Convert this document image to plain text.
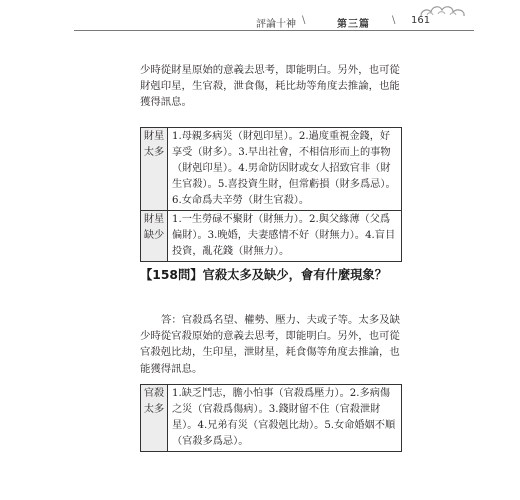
評論十神 \	第三篇 \ 161

少時從財星原始的意義去思考，即能明白。另外，也可從財剋印星，生官殺，泄食傷，耗比劫等角度去推論，也能獲得訊息。

財星太多	1.母親多病災（財剋印星）。2.過度重視金錢，好享受（財多）。3.早出社會，不相信形而上的事物（財剋印星）。4.男命防因財或女人招致官非（財生官殺）。5.喜投資生財，但常虧損（財多爲忌）。6.女命爲夫辛勞（財生官殺）。
財星缺少	1.一生勞碌不聚財（財無力）。2.與父緣薄（父爲偏財）。3.晚婚，夫妻感情不好（財無力）。4.盲目投資，亂花錢（財無力）。

【158問】官殺太多及缺少，會有什麼現象？

答：官殺爲名望、權勢、壓力、夫或子等。太多及缺少時從官殺原始的意義去思考，即能明白。另外，也可從官殺剋比劫，生印星，泄財星，耗食傷等角度去推論，也能獲得訊息。

官殺太多	1.缺乏鬥志，膽小怕事（官殺爲壓力）。2.多病傷之災（官殺爲傷病）。3.錢財留不住（官殺泄財星）。4.兄弟有災（官殺剋比劫）。5.女命婚姻不順（官殺多爲忌）。
